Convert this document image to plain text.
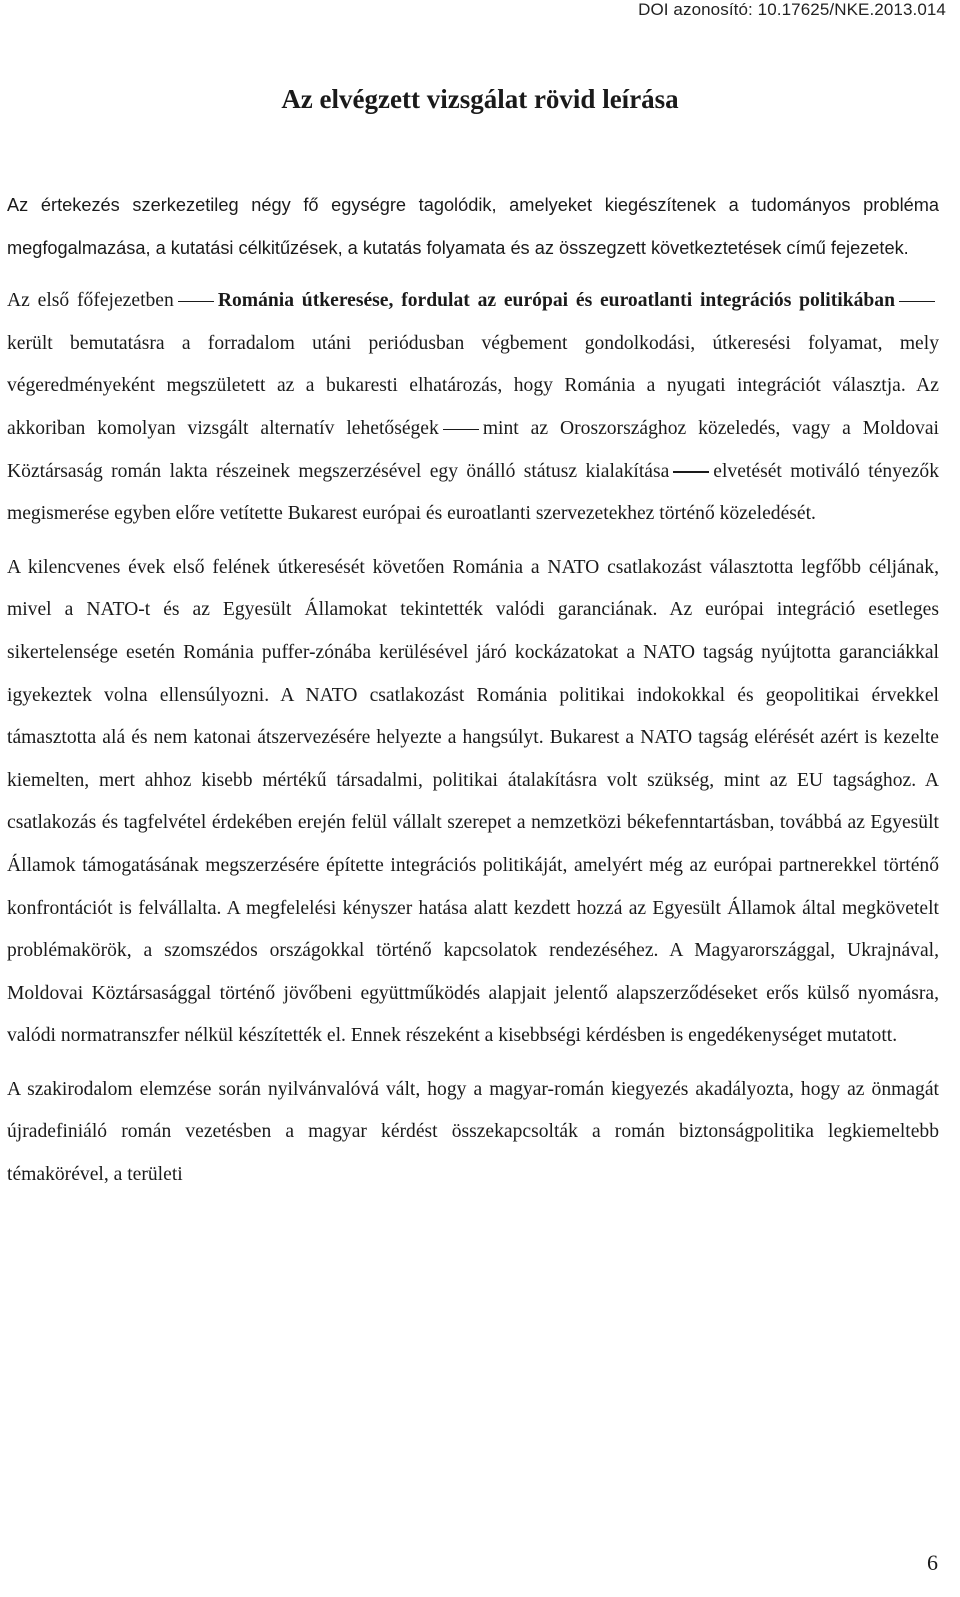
DOI azonosító: 10.17625/NKE.2013.014
Az elvégzett vizsgálat rövid leírása

Az értekezés szerkezetileg négy fő egységre tagolódik, amelyeket kiegészítenek a tudományos probléma megfogalmazása, a kutatási célkitűzések, a kutatás folyamata és az összegzett következtetések című fejezetek.

Az első főfejezetben Románia útkeresése, fordulat az európai és euroatlanti integrációs politikábankerült bemutatásra a forradalom utáni periódusban végbement gondolkodási, útkeresési folyamat, mely végeredményeként megszületett az a bukaresti elhatározás, hogy Románia a nyugati integrációt választja. Az akkoriban komolyan vizsgált alternatív lehetőségek mint az Oroszországhoz közeledés, vagy a Moldovai Köztársaság román lakta részeinek megszerzésével egy önálló státusz kialakítása elvetését motiváló tényezők megismerése egyben előre vetítette Bukarest európai és euroatlanti szervezetekhez történő közeledését.

A kilencvenes évek első felének útkeresését követően Románia a NATO csatlakozást választotta legfőbb céljának, mivel a NATO-t és az Egyesült Államokat tekintették valódi garanciának. Az európai integráció esetleges sikertelensége esetén Románia puffer-zónába kerülésével járó kockázatokat a NATO tagság nyújtotta garanciákkal igyekeztek volna ellensúlyozni. A NATO csatlakozást Románia politikai indokokkal és geopolitikai érvekkel támasztotta alá és nem katonai átszervezésére helyezte a hangsúlyt. Bukarest a NATO tagság elérését azért is kezelte kiemelten, mert ahhoz kisebb mértékű társadalmi, politikai átalakításra volt szükség, mint az EU tagsághoz. A csatlakozás és tagfelvétel érdekében erején felül vállalt szerepet a nemzetközi békefenntartásban, továbbá az Egyesült Államok támogatásának megszerzésére építette integrációs politikáját, amelyért még az európai partnerekkel történő konfrontációt is felvállalta. A megfelelési kényszer hatása alatt kezdett hozzá az Egyesült Államok által megkövetelt problémakörök, a szomszédos országokkal történő kapcsolatok rendezéséhez. A Magyarországgal, Ukrajnával, Moldovai Köztársasággal történő jövőbeni együttműködés alapjait jelentő alapszerződéseket erős külső nyomásra, valódi normatranszfer nélkül készítették el. Ennek részeként a kisebbségi kérdésben is engedékenységet mutatott.

A szakirodalom elemzése során nyilvánvalóvá vált, hogy a magyar-román kiegyezés akadályozta, hogy az önmagát újradefiniáló román vezetésben a magyar kérdést összekapcsolták a román biztonságpolitika legkiemeltebb témakörével, a területi

6
